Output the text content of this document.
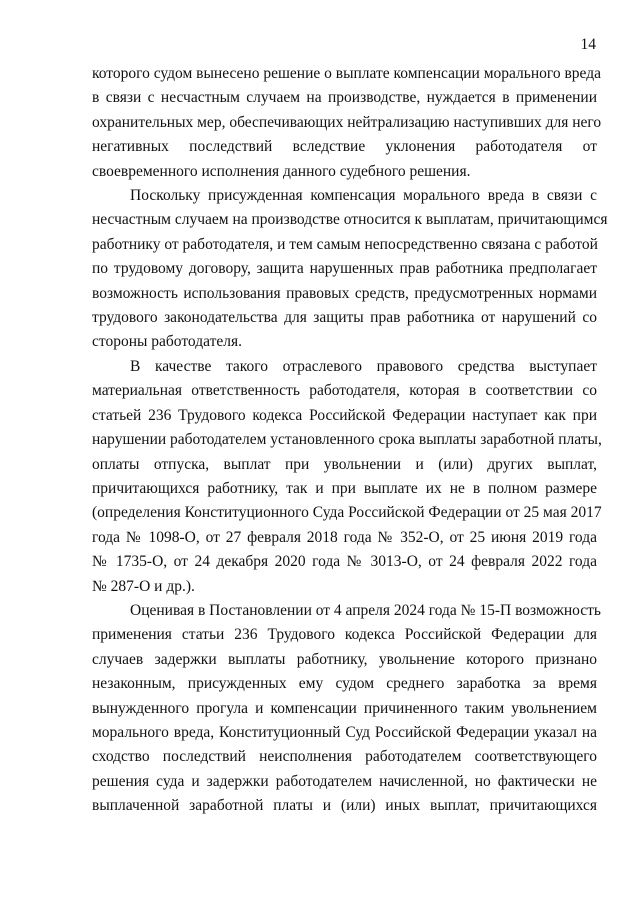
14

которого судом вынесено решение о выплате компенсации морального вреда
в связи с несчастным случаем на производстве, нуждается в применении
охранительных мер, обеспечивающих нейтрализацию наступивших для него
негативных последствий вследствие уклонения работодателя от
своевременного исполнения данного судебного решения.

Поскольку присужденная компенсация морального вреда в связи с
несчастным случаем на производстве относится к выплатам, причитающимся
работнику от работодателя, и тем самым непосредственно связана с работой
по трудовому договору, защита нарушенных прав работника предполагает
возможность использования правовых средств, предусмотренных нормами
трудового законодательства для защиты прав работника от нарушений со
стороны работодателя.

В качестве такого отраслевого правового средства выступает
материальная ответственность работодателя, которая в соответствии со
статьей 236 Трудового кодекса Российской Федерации наступает как при
нарушении работодателем установленного срока выплаты заработной платы,
оплаты отпуска, выплат при увольнении и (или) других выплат,
причитающихся работнику, так и при выплате их не в полном размере
(определения Конституционного Суда Российской Федерации от 25 мая 2017
года № 1098-О, от 27 февраля 2018 года № 352-О, от 25 июня 2019 года
№ 1735-О, от 24 декабря 2020 года № 3013-О, от 24 февраля 2022 года
№ 287-О и др.).

Оценивая в Постановлении от 4 апреля 2024 года № 15-П возможность
применения статьи 236 Трудового кодекса Российской Федерации для
случаев задержки выплаты работнику, увольнение которого признано
незаконным, присужденных ему судом среднего заработка за время
вынужденного прогула и компенсации причиненного таким увольнением
морального вреда, Конституционный Суд Российской Федерации указал на
сходство последствий неисполнения работодателем соответствующего
решения суда и задержки работодателем начисленной, но фактически не
выплаченной заработной платы и (или) иных выплат, причитающихся
